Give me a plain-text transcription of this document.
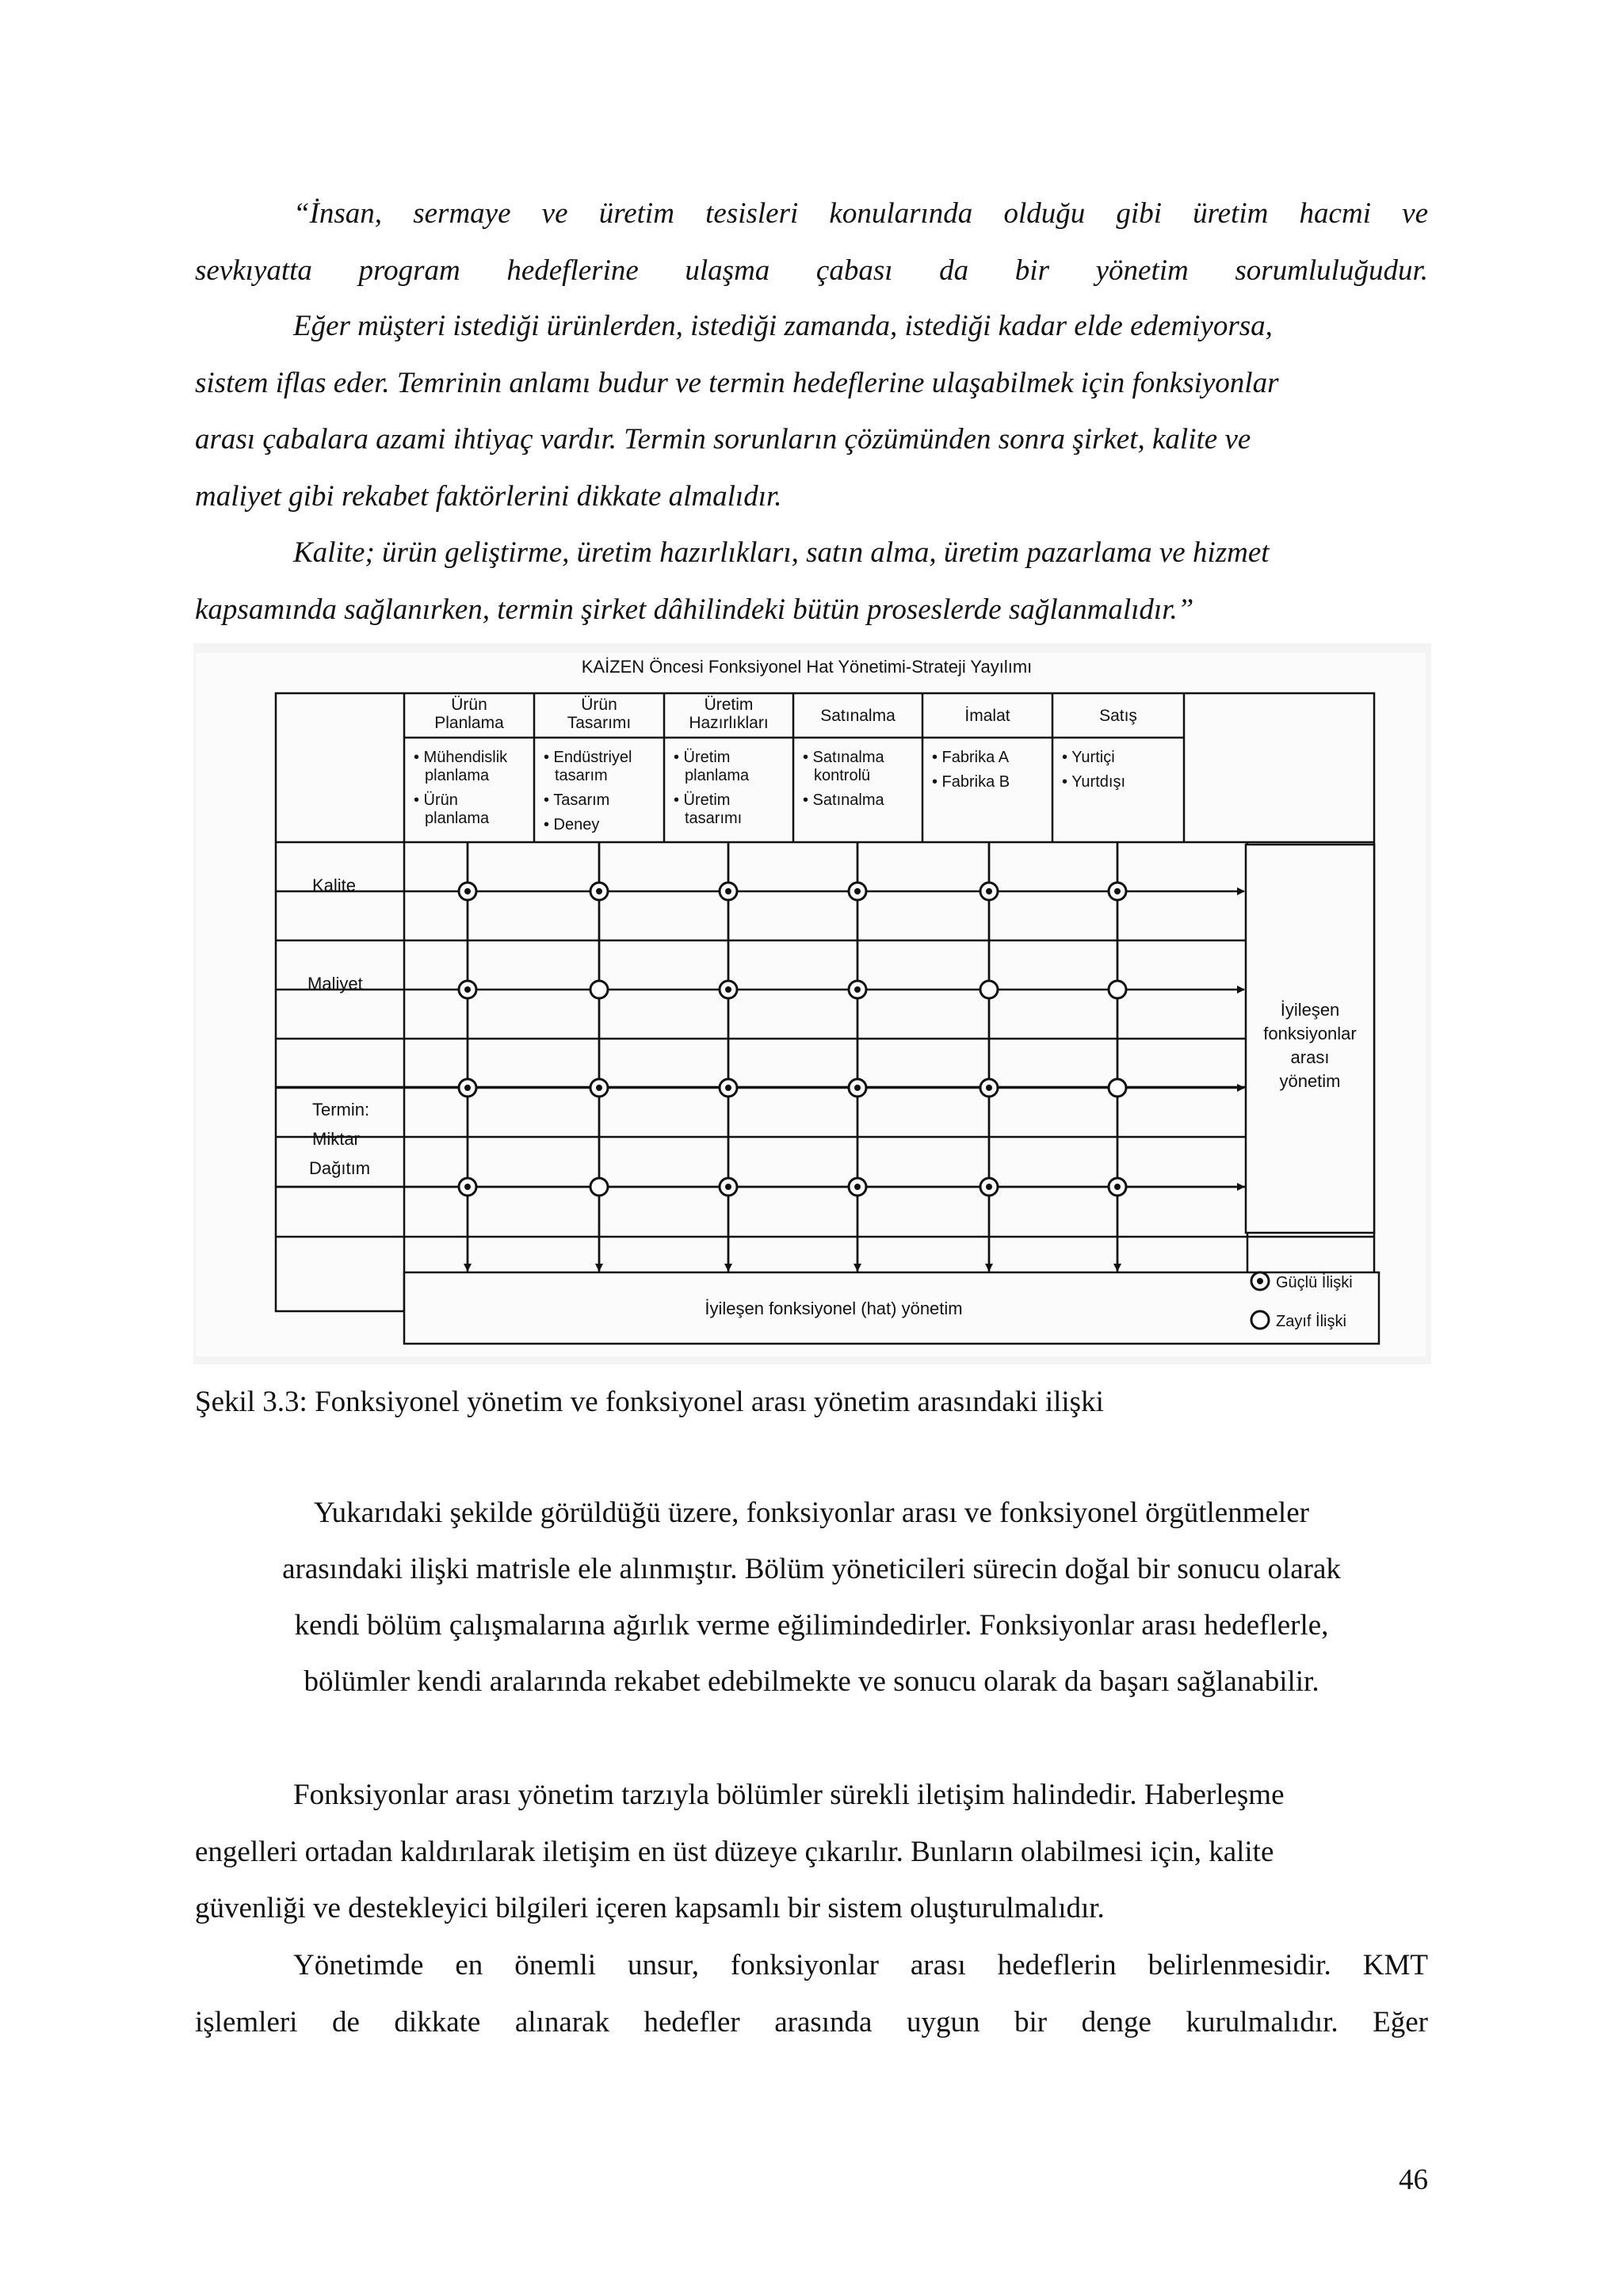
“İnsan, sermaye ve üretim tesisleri konularında olduğu gibi üretim hacmi ve
sevkıyatta program hedeflerine ulaşma çabası da bir yönetim sorumluluğudur.
Eğer müşteri istediği ürünlerden, istediği zamanda, istediği kadar elde edemiyorsa,
sistem iflas eder. Temrinin anlamı budur ve termin hedeflerine ulaşabilmek için fonksiyonlar
arası çabalara azami ihtiyaç vardır. Termin sorunların çözümünden sonra şirket, kalite ve
maliyet gibi rekabet faktörlerini dikkate almalıdır.
Kalite; ürün geliştirme, üretim hazırlıkları, satın alma, üretim pazarlama ve hizmet
kapsamında sağlanırken, termin şirket dâhilindeki bütün proseslerde sağlanmalıdır.”
KAİZEN Öncesi Fonksiyonel Hat Yönetimi-Strateji Yayılımı
Kalite
Maliyet
Termin:
Miktar
Dağıtım
Ürün
Planlama
• Mühendislik
planlama
• Ürün
planlama
Ürün
Tasarımı
• Endüstriyel
tasarım
• Tasarım
• Deney
Üretim
Hazırlıkları
• Üretim
planlama
• Üretim
tasarımı
Satınalma
• Satınalma
kontrolü
• Satınalma
İmalat
• Fabrika A
• Fabrika B
Satış
• Yurtiçi
• Yurtdışı
İyileşen
fonksiyonlar
arası
yönetim
İyileşen fonksiyonel (hat) yönetim
Güçlü İlişki
Zayıf İlişki
Şekil 3.3: Fonksiyonel yönetim ve fonksiyonel arası yönetim arasındaki ilişki
Yukarıdaki şekilde görüldüğü üzere, fonksiyonlar arası ve fonksiyonel örgütlenmeler
arasındaki ilişki matrisle ele alınmıştır. Bölüm yöneticileri sürecin doğal bir sonucu olarak
kendi bölüm çalışmalarına ağırlık verme eğilimindedirler. Fonksiyonlar arası hedeflerle,
bölümler kendi aralarında rekabet edebilmekte ve sonucu olarak da başarı sağlanabilir.
Fonksiyonlar arası yönetim tarzıyla bölümler sürekli iletişim halindedir. Haberleşme
engelleri ortadan kaldırılarak iletişim en üst düzeye çıkarılır. Bunların olabilmesi için, kalite
güvenliği ve destekleyici bilgileri içeren kapsamlı bir sistem oluşturulmalıdır.
Yönetimde en önemli unsur, fonksiyonlar arası hedeflerin belirlenmesidir. KMT
işlemleri de dikkate alınarak hedefler arasında uygun bir denge kurulmalıdır. Eğer
46
